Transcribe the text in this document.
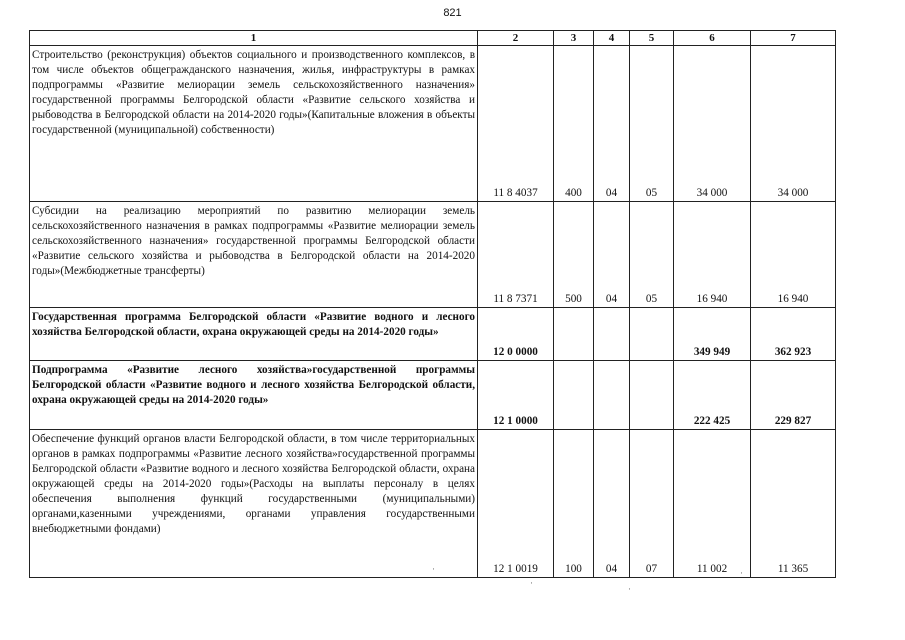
821
1	2	3	4	5	6	7
Строительство (реконструкция) объектов социального и производственного комплексов, в том числе объектов общегражданского назначения, жилья, инфраструктуры в рамках подпрограммы «Развитие мелиорации земель сельскохозяйственного назначения» государственной программы Белгородской области «Развитие сельского хозяйства и рыбоводства в Белгородской области на 2014-2020 годы»(Капитальные вложения в объекты государственной (муниципальной) собственности)	11 8 4037	400	04	05	34 000	34 000
Субсидии на реализацию мероприятий по развитию мелиорации земель сельскохозяйственного назначения в рамках подпрограммы «Развитие мелиорации земель сельскохозяйственного назначения» государственной программы Белгородской области «Развитие сельского хозяйства и рыбоводства в Белгородской области на 2014-2020 годы»(Межбюджетные трансферты)	11 8 7371	500	04	05	16 940	16 940
Государственная программа Белгородской области «Развитие водного и лесного хозяйства Белгородской области, охрана окружающей среды на 2014-2020 годы»	12 0 0000				349 949	362 923
Подпрограмма «Развитие лесного хозяйства»государственной программы Белгородской области «Развитие водного и лесного хозяйства Белгородской области, охрана окружающей среды на 2014-2020 годы»	12 1 0000				222 425	229 827
Обеспечение функций органов власти Белгородской области, в том числе территориальных органов в рамках подпрограммы «Развитие лесного хозяйства»государственной программы Белгородской области «Развитие водного и лесного хозяйства Белгородской области, охрана окружающей среды на 2014-2020 годы»(Расходы на выплаты персоналу в целях обеспечения выполнения функций государственными (муниципальными) органами,казенными учреждениями, органами управления государственными внебюджетными фондами)	12 1 0019	100	04	07	11 002	11 365
·
·
·
·
